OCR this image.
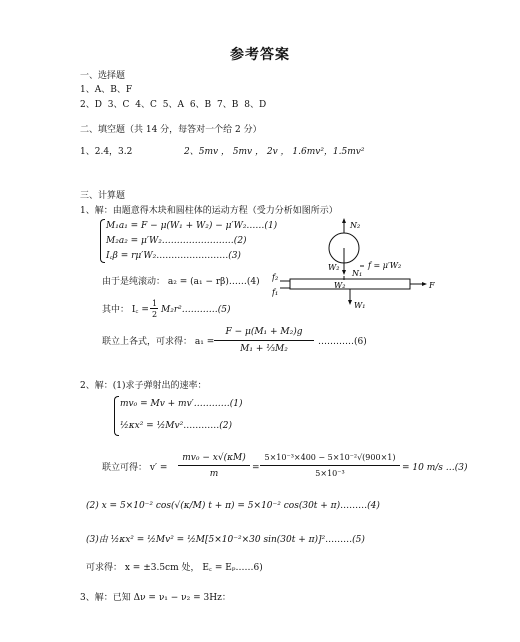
参考答案
一、选择题
1、A、B、F
2、D 3、C 4、C 5、A 6、B 7、B 8、D
二、填空题（共 14 分，每答对一个给 2 分）
1、2.4，3.2	2、5mv ， 5mv ， 2v ， 1.6mv²，1.5mv²
三、计算题
1、解：由题意得木块和圆柱体的运动方程（受力分析如图所示）
M₁a₁ = F − μ(W₁ + W₂) − μ′W₂……(1)
M₂a₂ = μ′W₂……………………(2)
I꜀β = rμ′W₂……………………(3)
由于是纯滚动： a₂ = (a₁ − rβ)……(4)
其中： I꜀ =
1
2 M₂r²…………(5)
联立上各式，可求得： a₁ =
F − μ(M₁ + M₂)g
M₁ + ⅓M₂
…………(6)
N₂
W₂
N₁
f = μ′W₂
f₂
f₁
F
W₁
W₂
2、解：(1)求子弹射出的速率：
mv₀ = Mv + mv′…………(1)
½κx² = ½Mv²…………(2)
联立可得： v′ =
mv₀ − x√(κM)
m
=
5×10⁻³×400 − 5×10⁻²√(900×1)
5×10⁻³
= 10 m/s …(3)
(2) x = 5×10⁻² cos(√(κ/M) t + π) = 5×10⁻² cos(30t + π)………(4)
(3)由 ½κx² = ½Mv² = ½M[5×10⁻²×30 sin(30t + π)]²………(5)
可求得： x = ±3.5cm 处， E꜀ = Eₚ……6)
3、解：已知 Δν = ν₁ − ν₂ = 3Hz：
